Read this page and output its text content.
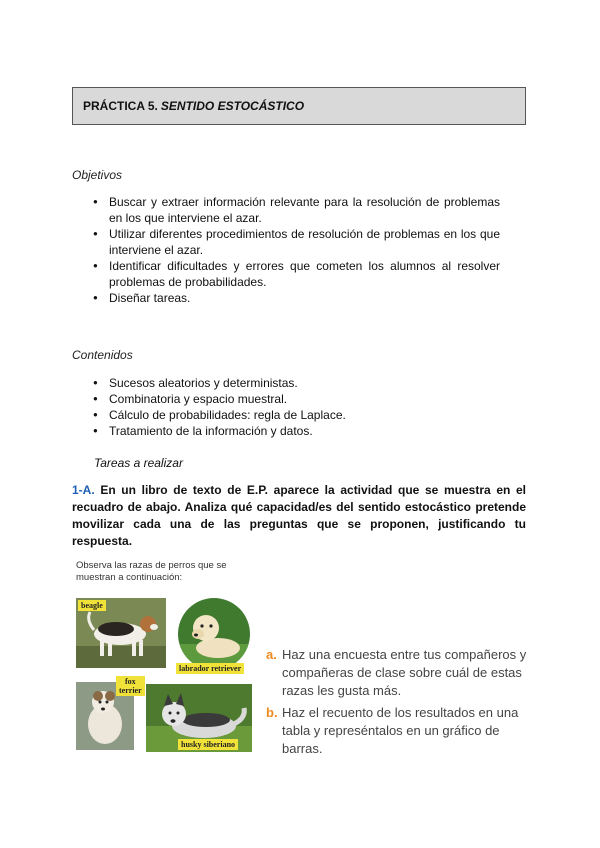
PRÁCTICA 5. SENTIDO ESTOCÁSTICO
Objetivos
● Buscar y extraer información relevante para la resolución de problemas en los que interviene el azar.
● Utilizar diferentes procedimientos de resolución de problemas en los que interviene el azar.
● Identificar dificultades y errores que cometen los alumnos al resolver problemas de probabilidades.
● Diseñar tareas.
Contenidos
● Sucesos aleatorios y deterministas.
● Combinatoria y espacio muestral.
● Cálculo de probabilidades: regla de Laplace.
● Tratamiento de la información y datos.
Tareas a realizar
1-A. En un libro de texto de E.P. aparece la actividad que se muestra en el recuadro de abajo. Analiza qué capacidad/es del sentido estocástico pretende movilizar cada una de las preguntas que se proponen, justificando tu respuesta.
Observa las razas de perros que se muestran a continuación:
beagle
labrador retriever
fox
terrier
husky siberiano
a. Haz una encuesta entre tus compañeros y compañeras de clase sobre cuál de estas razas les gusta más.
b. Haz el recuento de los resultados en una tabla y represéntalos en un gráfico de barras.
